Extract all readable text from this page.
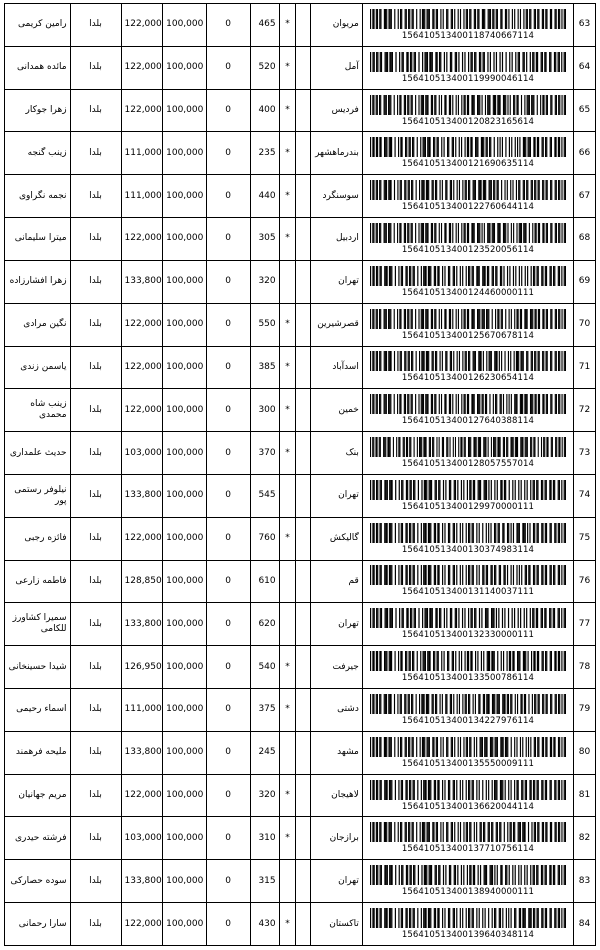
رامین کریمی	بلدا	122,000	100,000	0	465	*		مریوان	156410513400118740667114	63
مائده همدانی	بلدا	122,000	100,000	0	520	*		آمل	156410513400119990046114	64
زهرا جوکار	بلدا	122,000	100,000	0	400	*		فردیس	156410513400120823165614	65
زینب گنجه	بلدا	111,000	100,000	0	235	*		بندرماهشهر	156410513400121690635114	66
نجمه نگراوی	بلدا	111,000	100,000	0	440	*		سوسنگرد	156410513400122760644114	67
میترا سلیمانی	بلدا	122,000	100,000	0	305	*		اردبیل	156410513400123520056114	68
زهرا افشارزاده	بلدا	133,800	100,000	0	320			تهران	156410513400124460000111	69
نگین مرادی	بلدا	122,000	100,000	0	550	*		قصرشیرین	156410513400125670678114	70
یاسمن زندی	بلدا	122,000	100,000	0	385	*		اسدآباد	156410513400126230654114	71
زینب شاه محمدی	بلدا	122,000	100,000	0	300	*		خمین	156410513400127640388114	72
حدیث علمداری	بلدا	103,000	100,000	0	370	*		بنک	156410513400128057557014	73
نیلوفر رستمی پور	بلدا	133,800	100,000	0	545			تهران	156410513400129970000111	74
فائزه رجبی	بلدا	122,000	100,000	0	760	*		گالیکش	156410513400130374983114	75
فاطمه زارعی	بلدا	128,850	100,000	0	610			قم	156410513400131140037111	76
سمیرا کشاورز للکامی	بلدا	133,800	100,000	0	620			تهران	156410513400132330000111	77
شیدا حسینخانی	بلدا	126,950	100,000	0	540	*		جیرفت	156410513400133500786114	78
اسماء رحیمی	بلدا	111,000	100,000	0	375	*		دشتی	156410513400134227976114	79
ملیحه فرهمند	بلدا	133,800	100,000	0	245			مشهد	156410513400135550009111	80
مریم جهانیان	بلدا	122,000	100,000	0	320	*		لاهیجان	156410513400136620044114	81
فرشته حیدری	بلدا	103,000	100,000	0	310	*		برازجان	156410513400137710756114	82
سوده حصارکی	بلدا	133,800	100,000	0	315			تهران	156410513400138940000111	83
سارا رحمانی	بلدا	122,000	100,000	0	430	*		تاکستان	156410513400139640348114	84
